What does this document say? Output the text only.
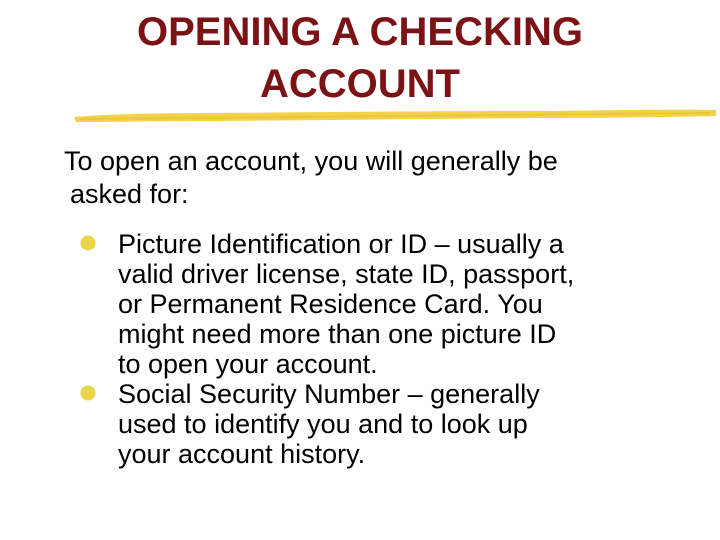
OPENING A CHECKING
ACCOUNT

To open an account, you will generally be
asked for:

Picture Identification or ID – usually a
valid driver license, state ID, passport,
or Permanent Residence Card. You
might need more than one picture ID
to open your account.
Social Security Number – generally
used to identify you and to look up
your account history.
